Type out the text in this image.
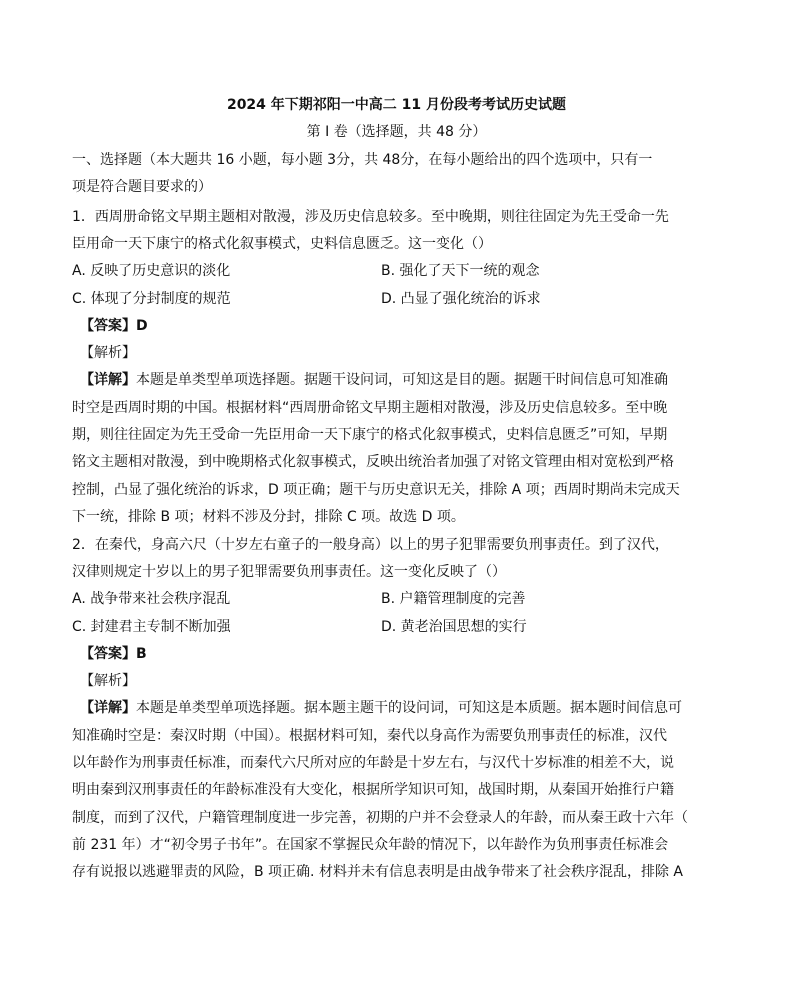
2024 年下期祁阳一中高二 11 月份段考考试历史试题
第 I 卷（选择题，共 48 分）
一、选择题（本大题共 16 小题，每小题 3分，共 48分，在每小题给出的四个选项中，只有一
项是符合题目要求的）
1．西周册命铭文早期主题相对散漫，涉及历史信息较多。至中晚期，则往往固定为先王受命一先
臣用命一天下康宁的格式化叙事模式，史料信息匮乏。这一变化（）
A. 反映了历史意识的淡化	B. 强化了天下一统的观念
C. 体现了分封制度的规范	D. 凸显了强化统治的诉求
【答案】D
【解析】
【详解】本题是单类型单项选择题。据题干设问词，可知这是目的题。据题干时间信息可知准确
时空是西周时期的中国。根据材料“西周册命铭文早期主题相对散漫，涉及历史信息较多。至中晚
期，则往往固定为先王受命一先臣用命一天下康宁的格式化叙事模式，史料信息匮乏”可知，早期
铭文主题相对散漫，到中晚期格式化叙事模式，反映出统治者加强了对铭文管理由相对宽松到严格
控制，凸显了强化统治的诉求，D 项正确；题干与历史意识无关，排除 A 项；西周时期尚未完成天
下一统，排除 B 项；材料不涉及分封，排除 C 项。故选 D 项。
2．在秦代，身高六尺（十岁左右童子的一般身高）以上的男子犯罪需要负刑事责任。到了汉代，
汉律则规定十岁以上的男子犯罪需要负刑事责任。这一变化反映了（）
A. 战争带来社会秩序混乱	B. 户籍管理制度的完善
C. 封建君主专制不断加强	D. 黄老治国思想的实行
【答案】B
【解析】
【详解】本题是单类型单项选择题。据本题主题干的设问词，可知这是本质题。据本题时间信息可
知准确时空是：秦汉时期（中国）。根据材料可知，秦代以身高作为需要负刑事责任的标准，汉代
以年龄作为刑事责任标准，而秦代六尺所对应的年龄是十岁左右，与汉代十岁标准的相差不大，说
明由秦到汉刑事责任的年龄标准没有大变化，根据所学知识可知，战国时期，从秦国开始推行户籍
制度，而到了汉代，户籍管理制度进一步完善，初期的户并不会登录人的年龄，而从秦王政十六年（
前 231 年）才“初令男子书年”。在国家不掌握民众年龄的情况下，以年龄作为负刑事责任标准会
存有说报以逃避罪责的风险，B 项正确. 材料并未有信息表明是由战争带来了社会秩序混乱，排除 A
